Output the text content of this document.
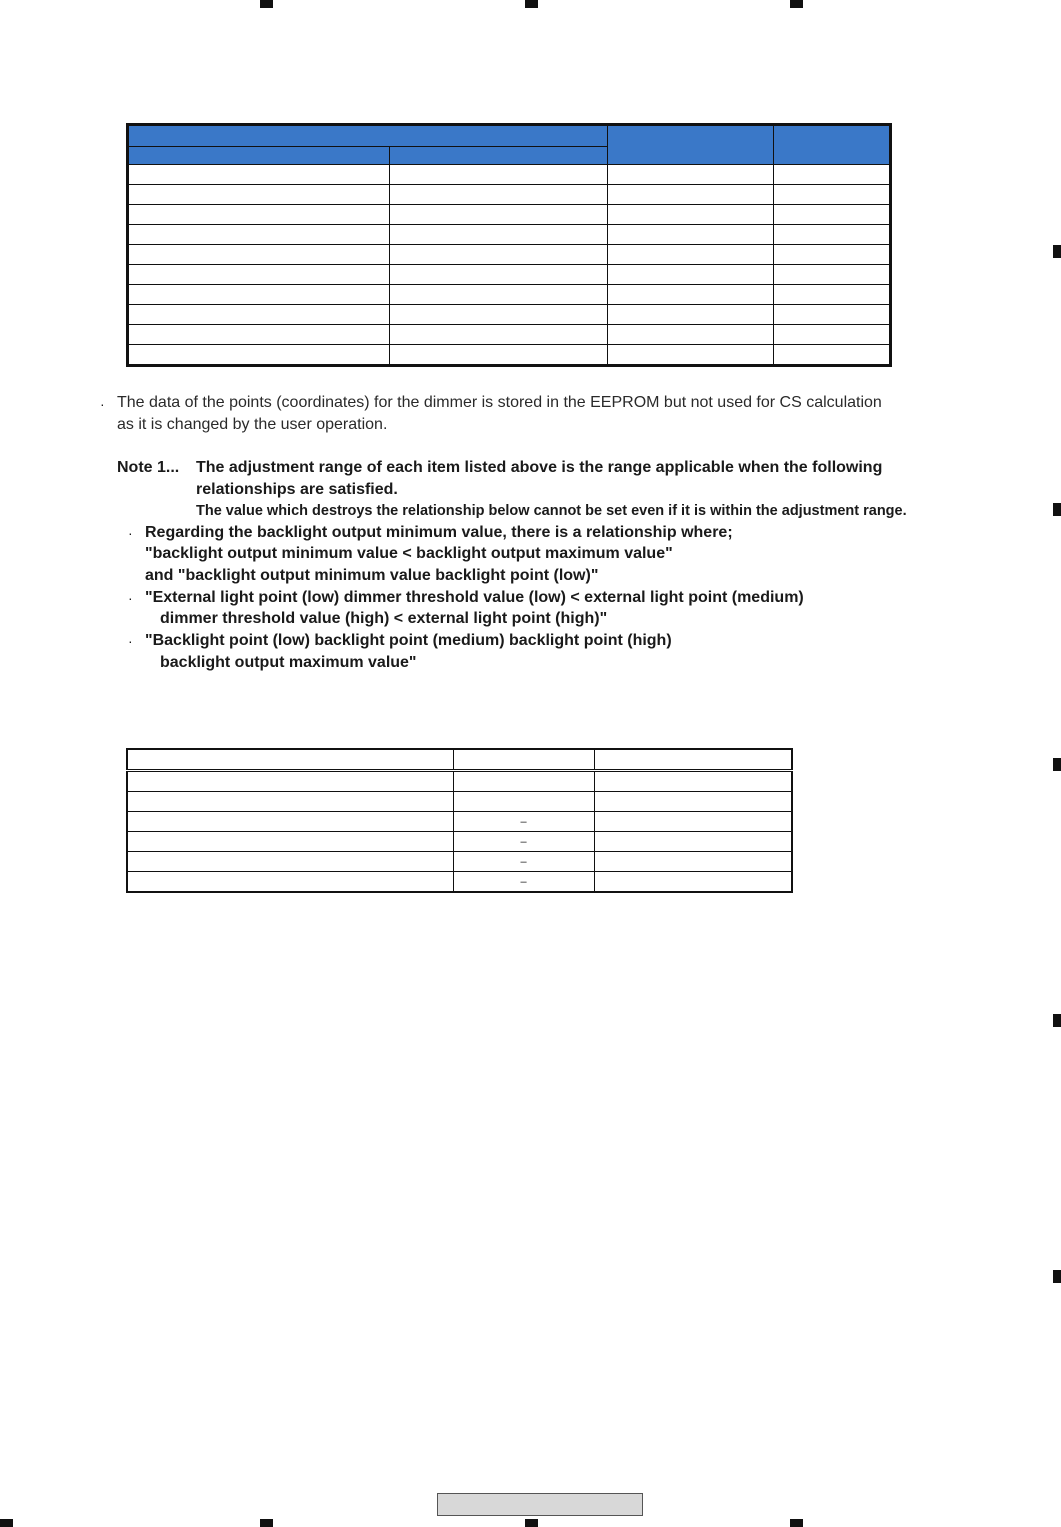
· The data of the points (coordinates) for the dimmer is stored in the EEPROM but not used for CS calculation
as it is changed by the user operation.
Note 1... The adjustment range of each item listed above is the range applicable when the following
relationships are satisfied.
The value which destroys the relationship below cannot be set even if it is within the adjustment range.
· Regarding the backlight output minimum value, there is a relationship where;
"backlight output minimum value < backlight output maximum value"
and "backlight output minimum value backlight point (low)"
· "External light point (low) dimmer threshold value (low) < external light point (medium)
dimmer threshold value (high) < external light point (high)"
· "Backlight point (low) backlight point (medium) backlight point (high)
backlight output maximum value"

	–	
	–	
	–	
	–	
